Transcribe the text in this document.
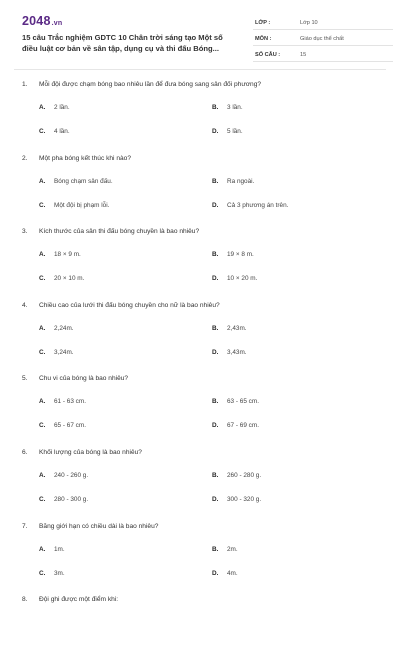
2048.vn
15 câu Trắc nghiệm GDTC 10 Chân trời sáng tạo Một số điều luật cơ bản về sân tập, dụng cụ và thi đấu Bóng...
LỚP :	Lớp 10
MÔN :	Giáo dục thể chất
SỐ CÂU :	15
1. Mỗi đội được chạm bóng bao nhiêu lần để đưa bóng sang sân đối phương?
A. 2 lần.	B. 3 lần.
C. 4 lần.	D. 5 lần.
2. Một pha bóng kết thúc khi nào?
A. Bóng chạm sân đấu.	B. Ra ngoài.
C. Một đội bị phạm lỗi.	D. Cả 3 phương án trên.
3. Kích thước của sân thi đấu bóng chuyền là bao nhiêu?
A. 18 × 9 m.	B. 19 × 8 m.
C. 20 × 10 m.	D. 10 × 20 m.
4. Chiều cao của lưới thi đấu bóng chuyền cho nữ là bao nhiêu?
A. 2,24m.	B. 2,43m.
C. 3,24m.	D. 3,43m.
5. Chu vi của bóng là bao nhiêu?
A. 61 - 63 cm.	B. 63 - 65 cm.
C. 65 - 67 cm.	D. 67 - 69 cm.
6. Khối lượng của bóng là bao nhiêu?
A. 240 - 260 g.	B. 260 - 280 g.
C. 280 - 300 g.	D. 300 - 320 g.
7. Băng giới hạn có chiều dài là bao nhiêu?
A. 1m.	B. 2m.
C. 3m.	D. 4m.
8. Đội ghi được một điểm khi:
